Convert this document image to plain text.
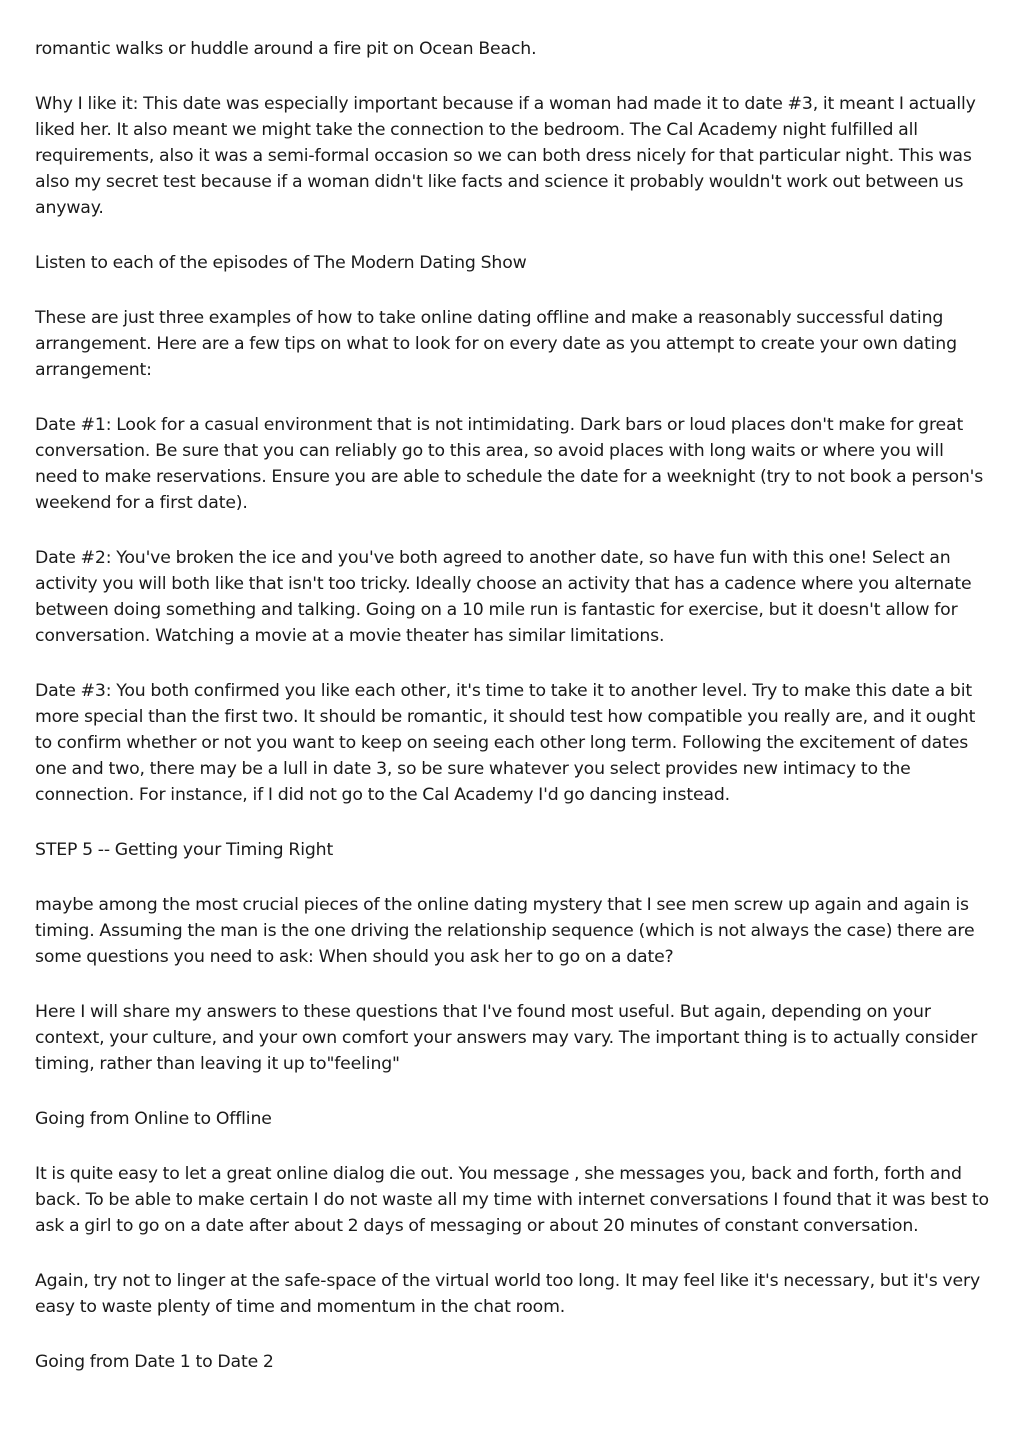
romantic walks or huddle around a fire pit on Ocean Beach.

Why I like it: This date was especially important because if a woman had made it to date #3, it meant I actually liked her. It also meant we might take the connection to the bedroom. The Cal Academy night fulfilled all requirements, also it was a semi-formal occasion so we can both dress nicely for that particular night. This was also my secret test because if a woman didn't like facts and science it probably wouldn't work out between us anyway.

Listen to each of the episodes of The Modern Dating Show

These are just three examples of how to take online dating offline and make a reasonably successful dating arrangement. Here are a few tips on what to look for on every date as you attempt to create your own dating arrangement:

Date #1: Look for a casual environment that is not intimidating. Dark bars or loud places don't make for great conversation. Be sure that you can reliably go to this area, so avoid places with long waits or where you will need to make reservations. Ensure you are able to schedule the date for a weeknight (try to not book a person's weekend for a first date).

Date #2: You've broken the ice and you've both agreed to another date, so have fun with this one! Select an activity you will both like that isn't too tricky. Ideally choose an activity that has a cadence where you alternate between doing something and talking. Going on a 10 mile run is fantastic for exercise, but it doesn't allow for conversation. Watching a movie at a movie theater has similar limitations.

Date #3: You both confirmed you like each other, it's time to take it to another level. Try to make this date a bit more special than the first two. It should be romantic, it should test how compatible you really are, and it ought to confirm whether or not you want to keep on seeing each other long term. Following the excitement of dates one and two, there may be a lull in date 3, so be sure whatever you select provides new intimacy to the connection. For instance, if I did not go to the Cal Academy I'd go dancing instead.

STEP 5 -- Getting your Timing Right

maybe among the most crucial pieces of the online dating mystery that I see men screw up again and again is timing. Assuming the man is the one driving the relationship sequence (which is not always the case) there are some questions you need to ask: When should you ask her to go on a date?

Here I will share my answers to these questions that I've found most useful. But again, depending on your context, your culture, and your own comfort your answers may vary. The important thing is to actually consider timing, rather than leaving it up to"feeling"

Going from Online to Offline

It is quite easy to let a great online dialog die out. You message , she messages you, back and forth, forth and back. To be able to make certain I do not waste all my time with internet conversations I found that it was best to ask a girl to go on a date after about 2 days of messaging or about 20 minutes of constant conversation.

Again, try not to linger at the safe-space of the virtual world too long. It may feel like it's necessary, but it's very easy to waste plenty of time and momentum in the chat room.

Going from Date 1 to Date 2
